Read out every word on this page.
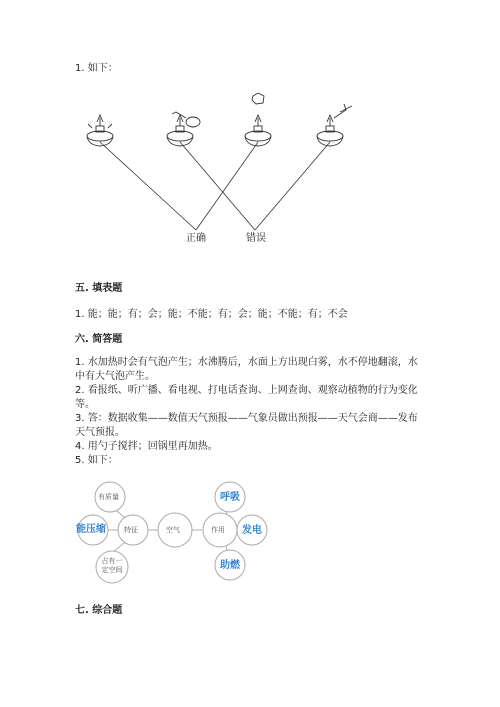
1. 如下：
正确	错误
五. 填表题
1. 能；能；有；会；能；不能；有；会；能；不能；有；不会
六. 简答题
1. 水加热时会有气泡产生；水沸腾后，水面上方出现白雾，水不停地翻滚，水
中有大气泡产生。
2. 看报纸、听广播、看电视、打电话查询、上网查询、观察动植物的行为变化
等。
3. 答：数据收集——数值天气预报——气象员做出预报——天气会商——发布
天气预报。
4. 用勺子搅拌；回锅里再加热。
5. 如下：
有质量
能压缩	特征
占有一定空间
空气	作用
呼吸
发电
助燃
七. 综合题
